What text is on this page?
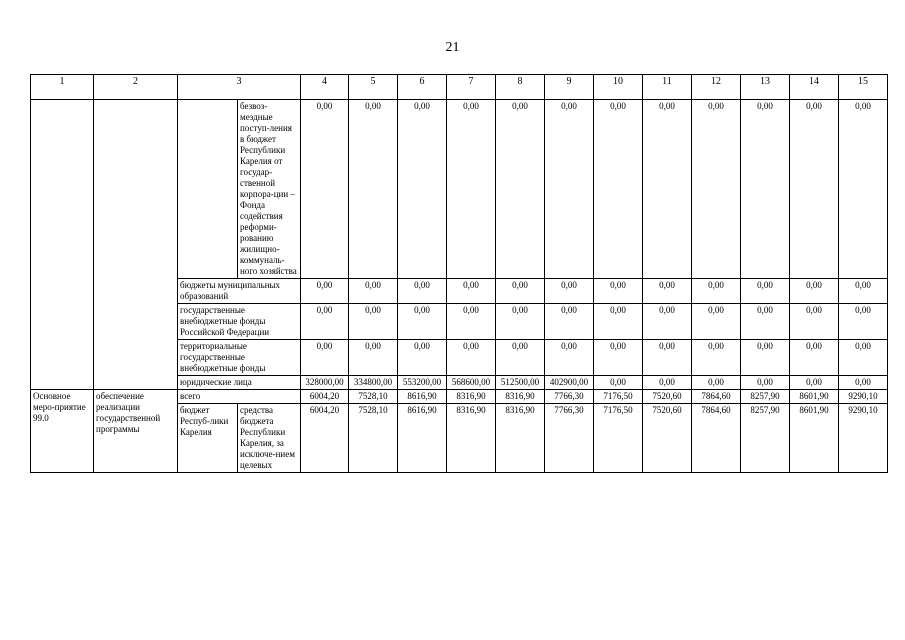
21
1	2	3		4	5	6	7	8	9	10	11	12	13	14	15
			безвоз-мездные поступ-ления в бюджет Республики Карелия от государ-ственной корпора-ции – Фонда содействия реформи-рованию жилищно-коммуналь-ного хозяйства	0,00	0,00	0,00	0,00	0,00	0,00	0,00	0,00	0,00	0,00	0,00	0,00
		бюджеты муниципальных образований		0,00	0,00	0,00	0,00	0,00	0,00	0,00	0,00	0,00	0,00	0,00	0,00
		государственные внебюджетные фонды Российской Федерации		0,00	0,00	0,00	0,00	0,00	0,00	0,00	0,00	0,00	0,00	0,00	0,00
		территориальные государственные внебюджетные фонды		0,00	0,00	0,00	0,00	0,00	0,00	0,00	0,00	0,00	0,00	0,00	0,00
		юридические лица		328000,00	334800,00	553200,00	568600,00	512500,00	402900,00	0,00	0,00	0,00	0,00	0,00	0,00
Основное меро-приятие 99.0	обеспечение реализации государственной программы	всего		6004,20	7528,10	8616,90	8316,90	8316,90	7766,30	7176,50	7520,60	7864,60	8257,90	8601,90	9290,10
		бюджет Респуб-лики Карелия	средства бюджета Республики Карелия, за исключе-нием целевых	6004,20	7528,10	8616,90	8316,90	8316,90	7766,30	7176,50	7520,60	7864,60	8257,90	8601,90	9290,10
